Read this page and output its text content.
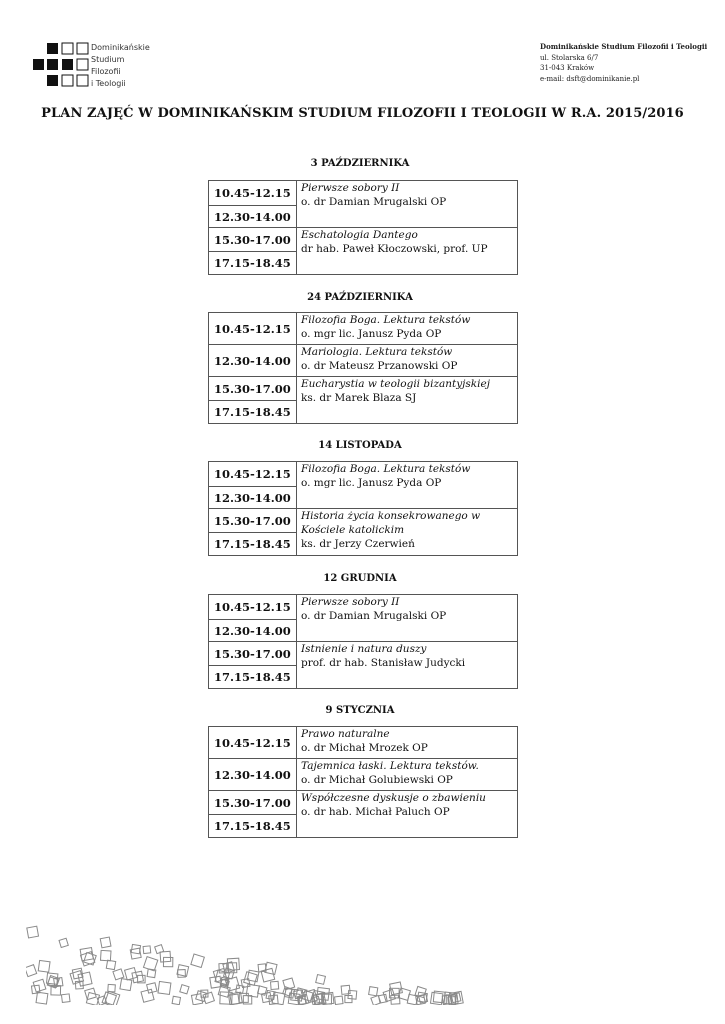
Dominikańskie
Studium
Filozofii
i Teologii
Dominikańskie Studium Filozofii i Teologii
ul. Stolarska 6/7
31-043 Kraków
e-mail: dsft@dominikanie.pl
PLAN ZAJĘĆ W DOMINIKAŃSKIM STUDIUM FILOZOFII I TEOLOGII W R.A. 2015/2016
3 PAŹDZIERNIKA
10.45-12.15	Pierwsze sobory II
o. dr Damian Mrugalski OP

12.30-14.00	
15.30-17.00	Eschatologia Dantego
dr hab. Paweł Kłoczowski, prof. UP

17.15-18.45	
24 PAŹDZIERNIKA
10.45-12.15	Filozofia Boga. Lektura tekstów
o. mgr lic. Janusz Pyda OP

12.30-14.00	Mariologia. Lektura tekstów
o. dr Mateusz Przanowski OP

15.30-17.00	Eucharystia w teologii bizantyjskiej
ks. dr Marek Blaza SJ

17.15-18.45	
14 LISTOPADA
10.45-12.15	Filozofia Boga. Lektura tekstów
o. mgr lic. Janusz Pyda OP

12.30-14.00	
15.30-17.00	Historia życia konsekrowanego w Kościele katolickim
ks. dr Jerzy Czerwień

17.15-18.45	
12 GRUDNIA
10.45-12.15	Pierwsze sobory II
o. dr Damian Mrugalski OP

12.30-14.00	
15.30-17.00	Istnienie i natura duszy
prof. dr hab. Stanisław Judycki

17.15-18.45	
9 STYCZNIA
10.45-12.15	Prawo naturalne
o. dr Michał Mrozek OP

12.30-14.00	Tajemnica łaski. Lektura tekstów.
o. dr Michał Golubiewski OP

15.30-17.00	Współczesne dyskusje o zbawieniu
o. dr hab. Michał Paluch OP

17.15-18.45	
